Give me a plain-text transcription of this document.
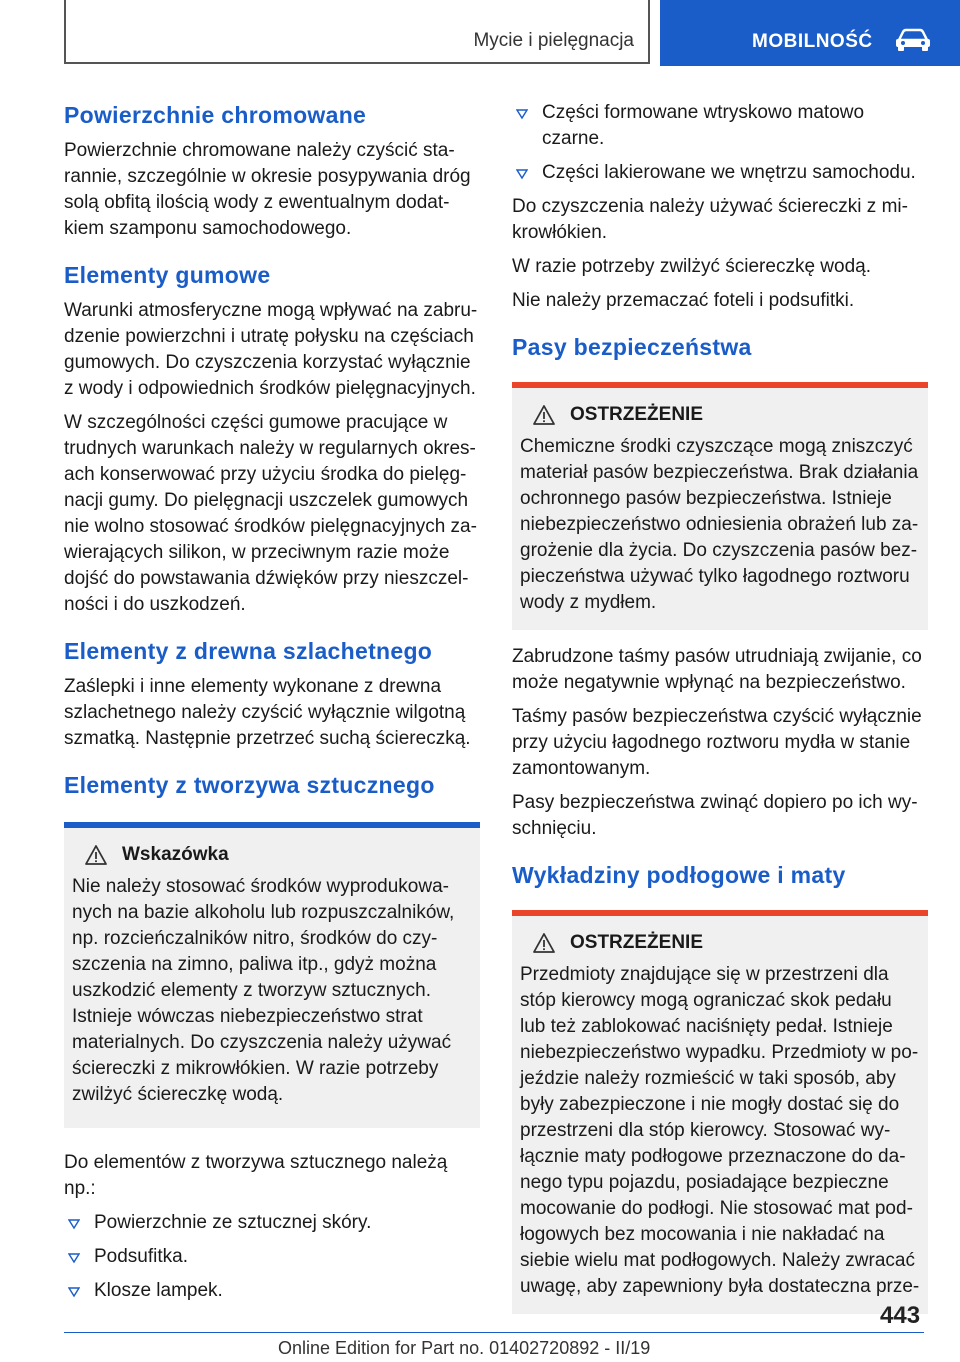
Mycie i pielęgnacja	MOBILNOŚĆ
Powierzchnie chromowane

Powierzchnie chromowane należy czyścić starannie, szczególnie w okresie posypywania dróg solą obfitą ilością wody z ewentualnym dodatkiem szamponu samochodowego.

Elementy gumowe

Warunki atmosferyczne mogą wpływać na zabrudzenie powierzchni i utratę połysku na częściach gumowych. Do czyszczenia korzystać wyłącznie z wody i odpowiednich środków pielęgnacyjnych.

W szczególności części gumowe pracujące w trudnych warunkach należy w regularnych okresach konserwować przy użyciu środka do pielęgnacji gumy. Do pielęgnacji uszczelek gumowych nie wolno stosować środków pielęgnacyjnych zawierających silikon, w przeciwnym razie może dojść do powstawania dźwięków przy nieszczelności i do uszkodzeń.

Elementy z drewna szlachetnego

Zaślepki i inne elementy wykonane z drewna szlachetnego należy czyścić wyłącznie wilgotną szmatką. Następnie przetrzeć suchą ściereczką.

Elementy z tworzywa sztucznego
Wskazówka

Nie należy stosować środków wyprodukowanych na bazie alkoholu lub rozpuszczalników, np. rozcieńczalników nitro, środków do czyszczenia na zimno, paliwa itp., gdyż można uszkodzić elementy z tworzyw sztucznych. Istnieje wówczas niebezpieczeństwo strat materialnych. Do czyszczenia należy używać ściereczki z mikrowłókien. W razie potrzeby zwilżyć ściereczkę wodą.

Do elementów z tworzywa sztucznego należą np.:

Powierzchnie ze sztucznej skóry.
Podsufitka.
Klosze lampek.
Części formowane wtryskowo matowo czarne.
Części lakierowane we wnętrzu samochodu.

Do czyszczenia należy używać ściereczki z mikrowłókien.

W razie potrzeby zwilżyć ściereczkę wodą.

Nie należy przemaczać foteli i podsufitki.

Pasy bezpieczeństwa
OSTRZEŻENIE

Chemiczne środki czyszczące mogą zniszczyć materiał pasów bezpieczeństwa. Brak działania ochronnego pasów bezpieczeństwa. Istnieje niebezpieczeństwo odniesienia obrażeń lub zagrożenie dla życia. Do czyszczenia pasów bezpieczeństwa używać tylko łagodnego roztworu wody z mydłem.

Zabrudzone taśmy pasów utrudniają zwijanie, co może negatywnie wpłynąć na bezpieczeństwo.

Taśmy pasów bezpieczeństwa czyścić wyłącznie przy użyciu łagodnego roztworu mydła w stanie zamontowanym.

Pasy bezpieczeństwa zwinąć dopiero po ich wyschnięciu.

Wykładziny podłogowe i maty
OSTRZEŻENIE

Przedmioty znajdujące się w przestrzeni dla stóp kierowcy mogą ograniczać skok pedału lub też zablokować naciśnięty pedał. Istnieje niebezpieczeństwo wypadku. Przedmioty w pojeździe należy rozmieścić w taki sposób, aby były zabezpieczone i nie mogły dostać się do przestrzeni dla stóp kierowcy. Stosować wyłącznie maty podłogowe przeznaczone do danego typu pojazdu, posiadające bezpieczne mocowanie do podłogi. Nie stosować mat podłogowych bez mocowania i nie nakładać na siebie wielu mat podłogowych. Należy zwracać uwagę, aby zapewniony była dostateczna prze-

443
Online Edition for Part no. 01402720892 - II/19
